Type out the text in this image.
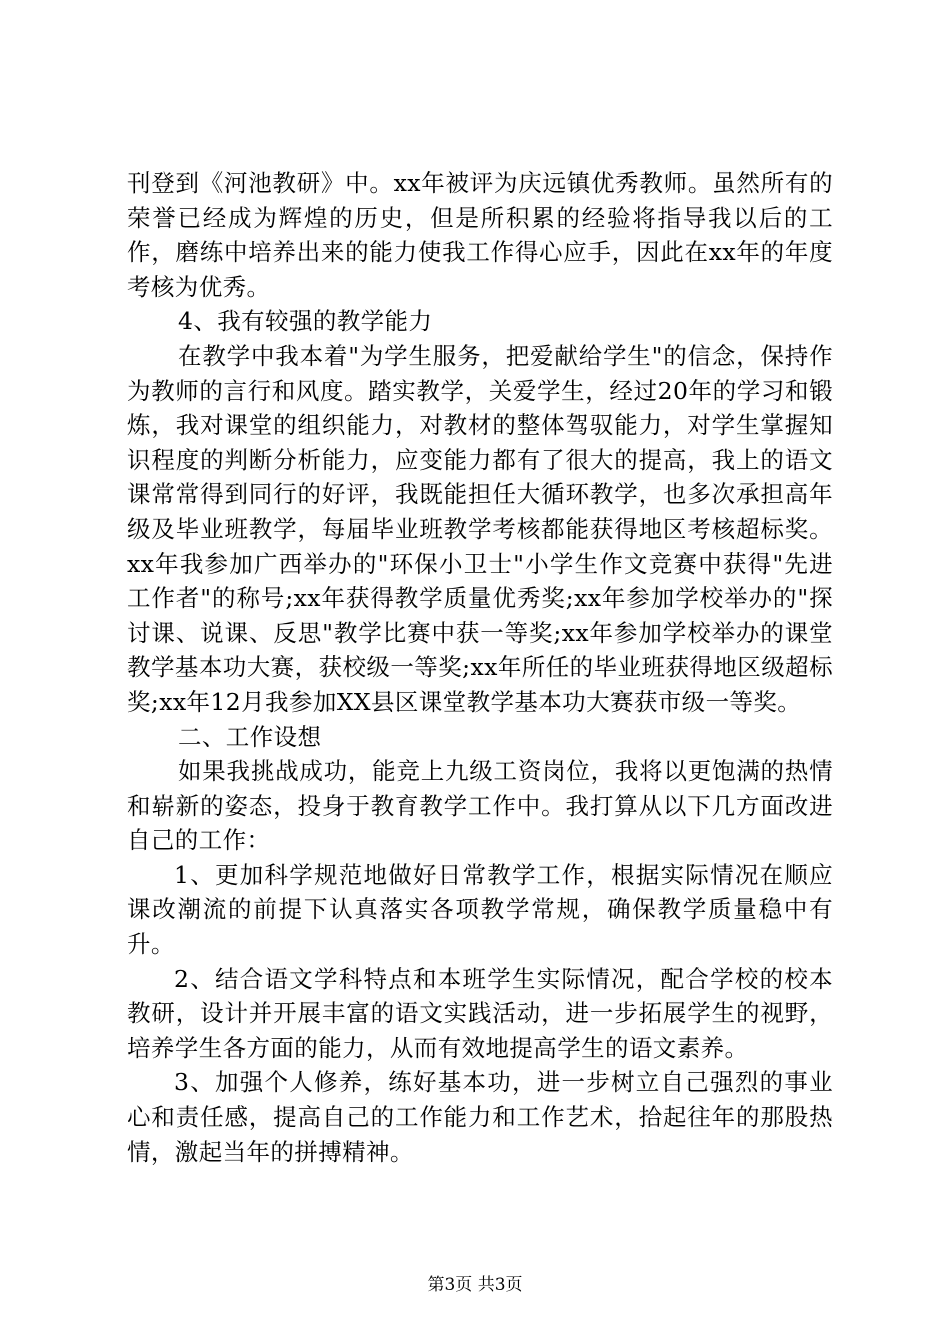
刊登到《河池教研》中。xx年被评为庆远镇优秀教师。虽然所有的荣誉已经成为辉煌的历史，但是所积累的经验将指导我以后的工作，磨练中培养出来的能力使我工作得心应手，因此在xx年的年度考核为优秀。

4、我有较强的教学能力

在教学中我本着"为学生服务，把爱献给学生"的信念，保持作为教师的言行和风度。踏实教学，关爱学生，经过20年的学习和锻炼，我对课堂的组织能力，对教材的整体驾驭能力，对学生掌握知识程度的判断分析能力，应变能力都有了很大的提高，我上的语文课常常得到同行的好评，我既能担任大循环教学，也多次承担高年级及毕业班教学，每届毕业班教学考核都能获得地区考核超标奖。xx年我参加广西举办的"环保小卫士"小学生作文竞赛中获得"先进工作者"的称号;xx年获得教学质量优秀奖;xx年参加学校举办的"探讨课、说课、反思"教学比赛中获一等奖;xx年参加学校举办的课堂教学基本功大赛，获校级一等奖;xx年所任的毕业班获得地区级超标奖;xx年12月我参加XX县区课堂教学基本功大赛获市级一等奖。

二、工作设想

如果我挑战成功，能竞上九级工资岗位，我将以更饱满的热情和崭新的姿态，投身于教育教学工作中。我打算从以下几方面改进自己的工作：

1、更加科学规范地做好日常教学工作，根据实际情况在顺应课改潮流的前提下认真落实各项教学常规，确保教学质量稳中有升。

2、结合语文学科特点和本班学生实际情况，配合学校的校本教研，设计并开展丰富的语文实践活动，进一步拓展学生的视野，培养学生各方面的能力，从而有效地提高学生的语文素养。

3、加强个人修养，练好基本功，进一步树立自己强烈的事业心和责任感，提高自己的工作能力和工作艺术，拾起往年的那股热情，激起当年的拼搏精神。

第3页 共3页
